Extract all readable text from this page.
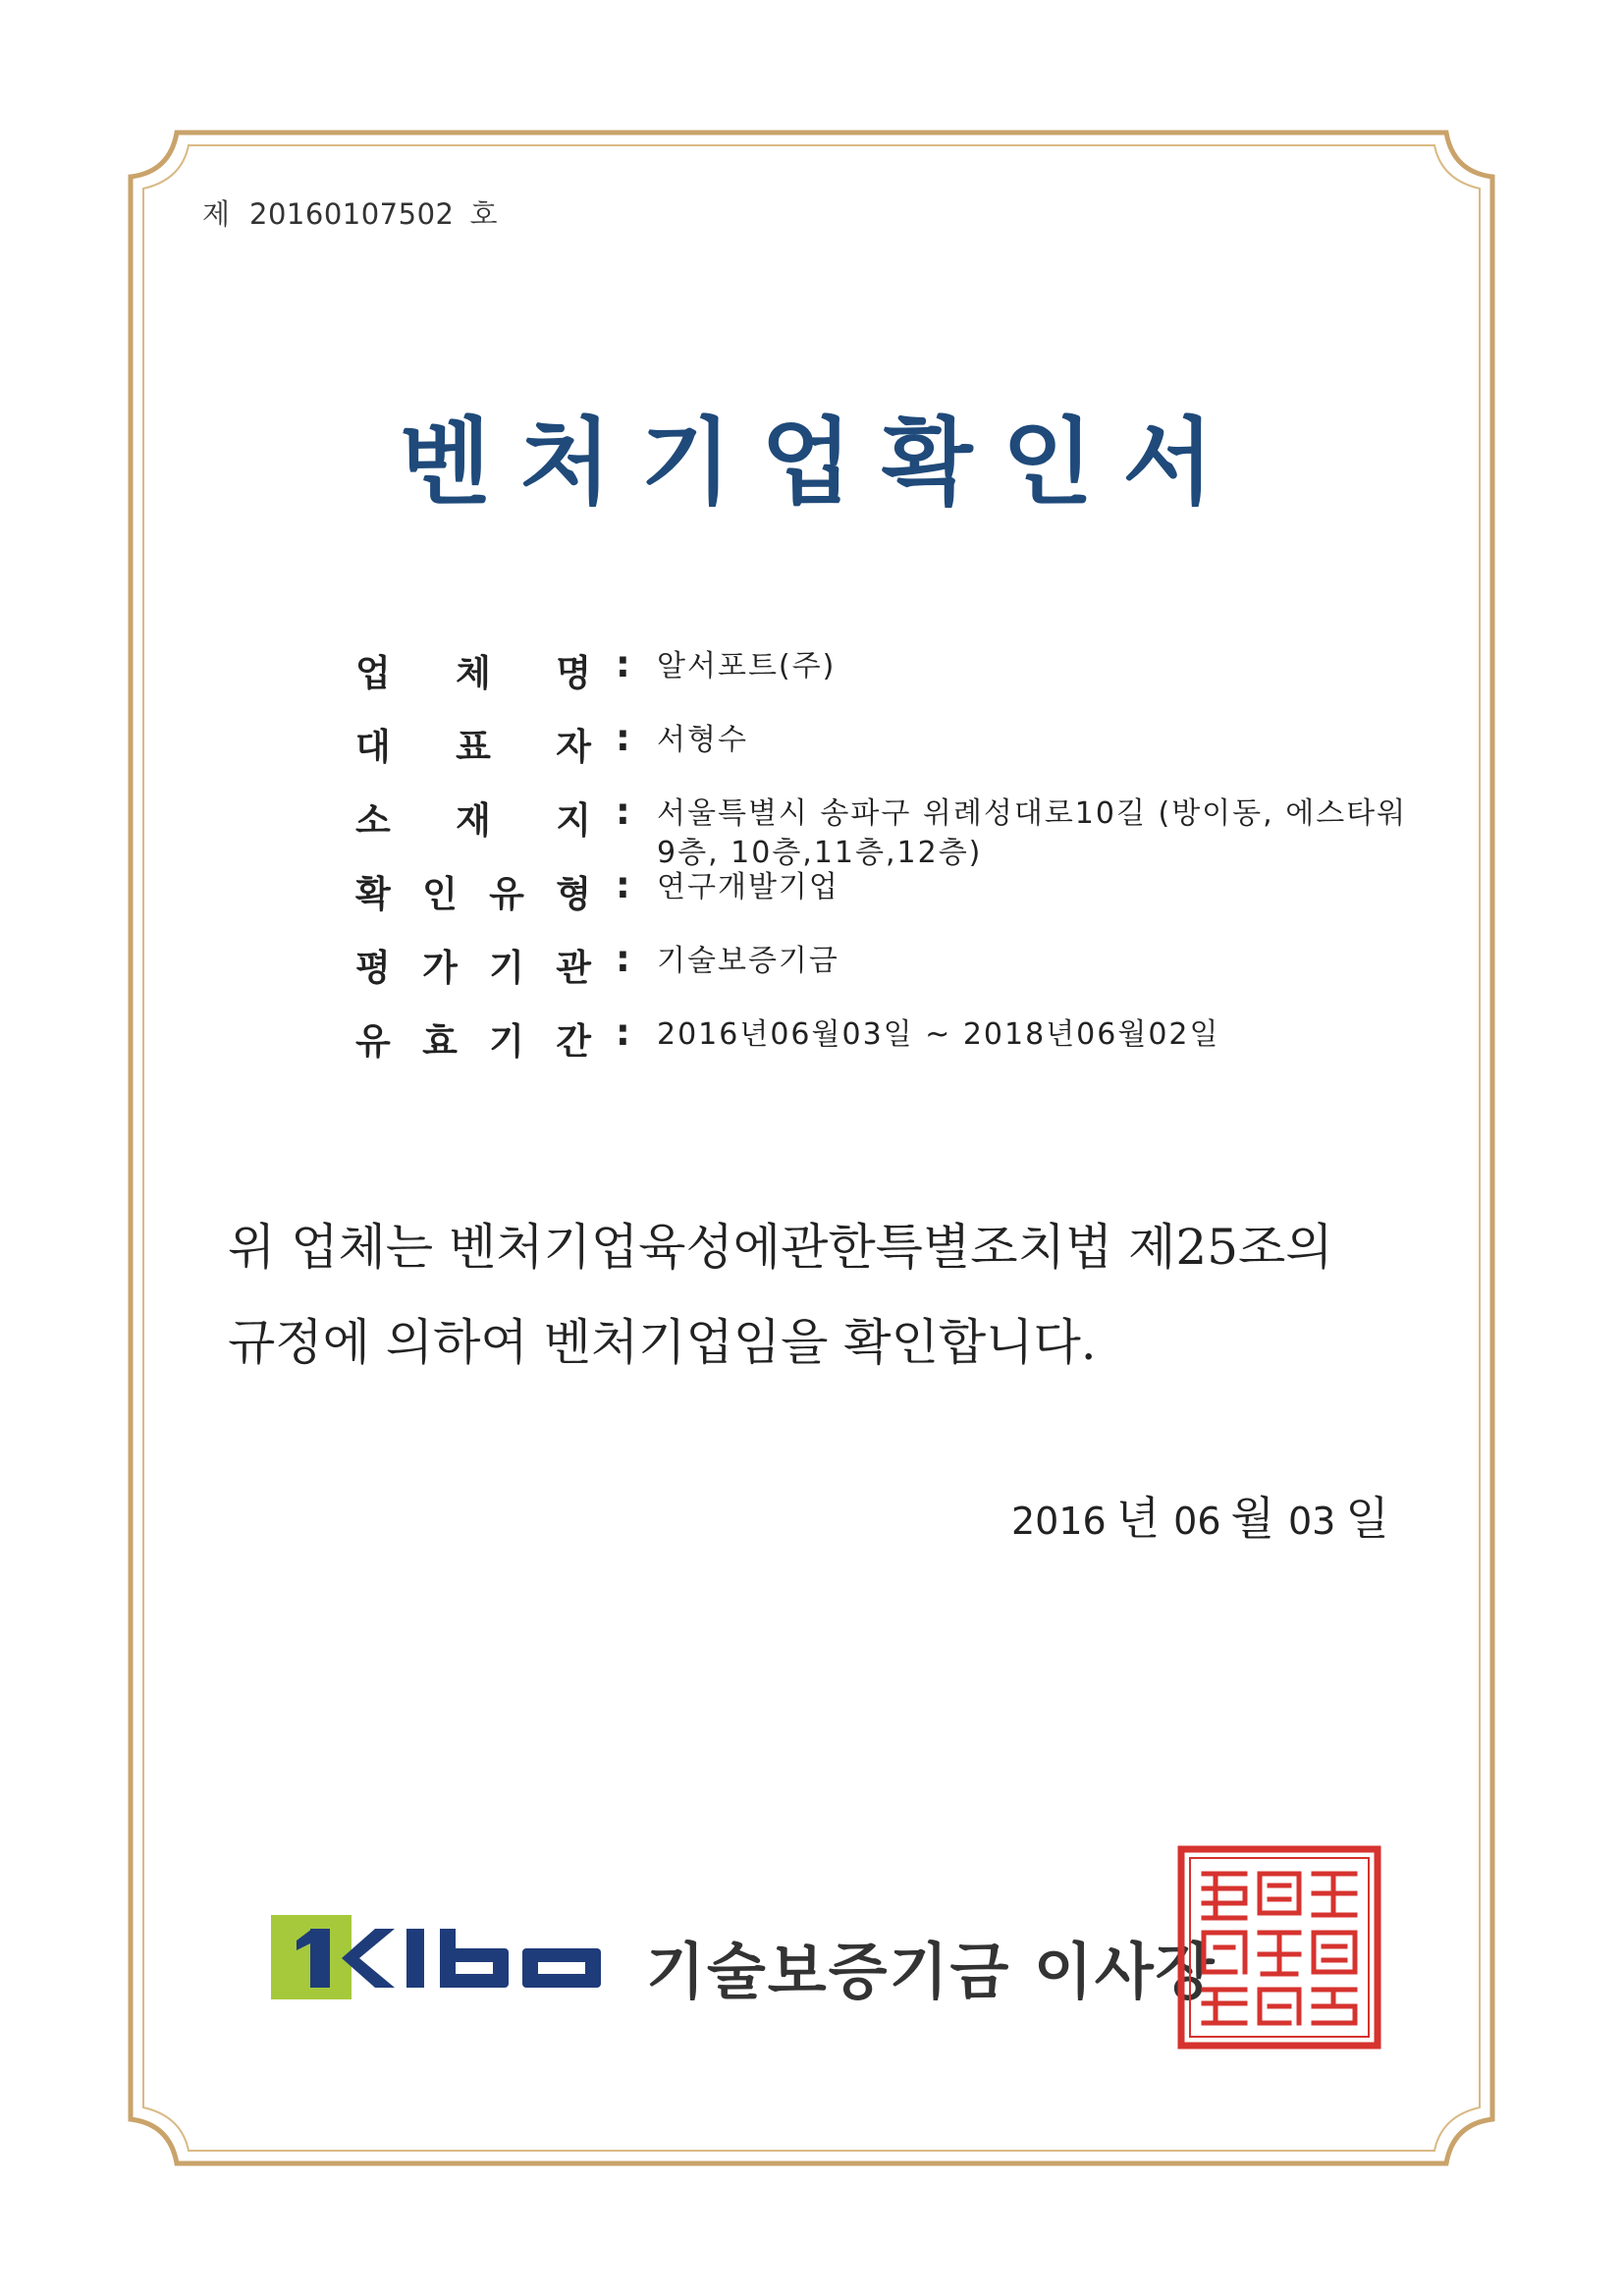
제 20160107502 호
벤처기업확인서
업 체 명 : 알서포트(주)
대 표 자 : 서형수
소 재 지 : 서울특별시 송파구 위례성대로10길 (방이동, 에스타워 9층, 10층,11층,12층)
확 인 유 형 : 연구개발기업
평 가 기 관 : 기술보증기금
유 효 기 간 : 2016년06월03일 ~ 2018년06월02일
위 업체는 벤처기업육성에관한특별조치법 제25조의
규정에 의하여 벤처기업임을 확인합니다.
2016 년 06 월 03 일
기술보증기금 이사장
